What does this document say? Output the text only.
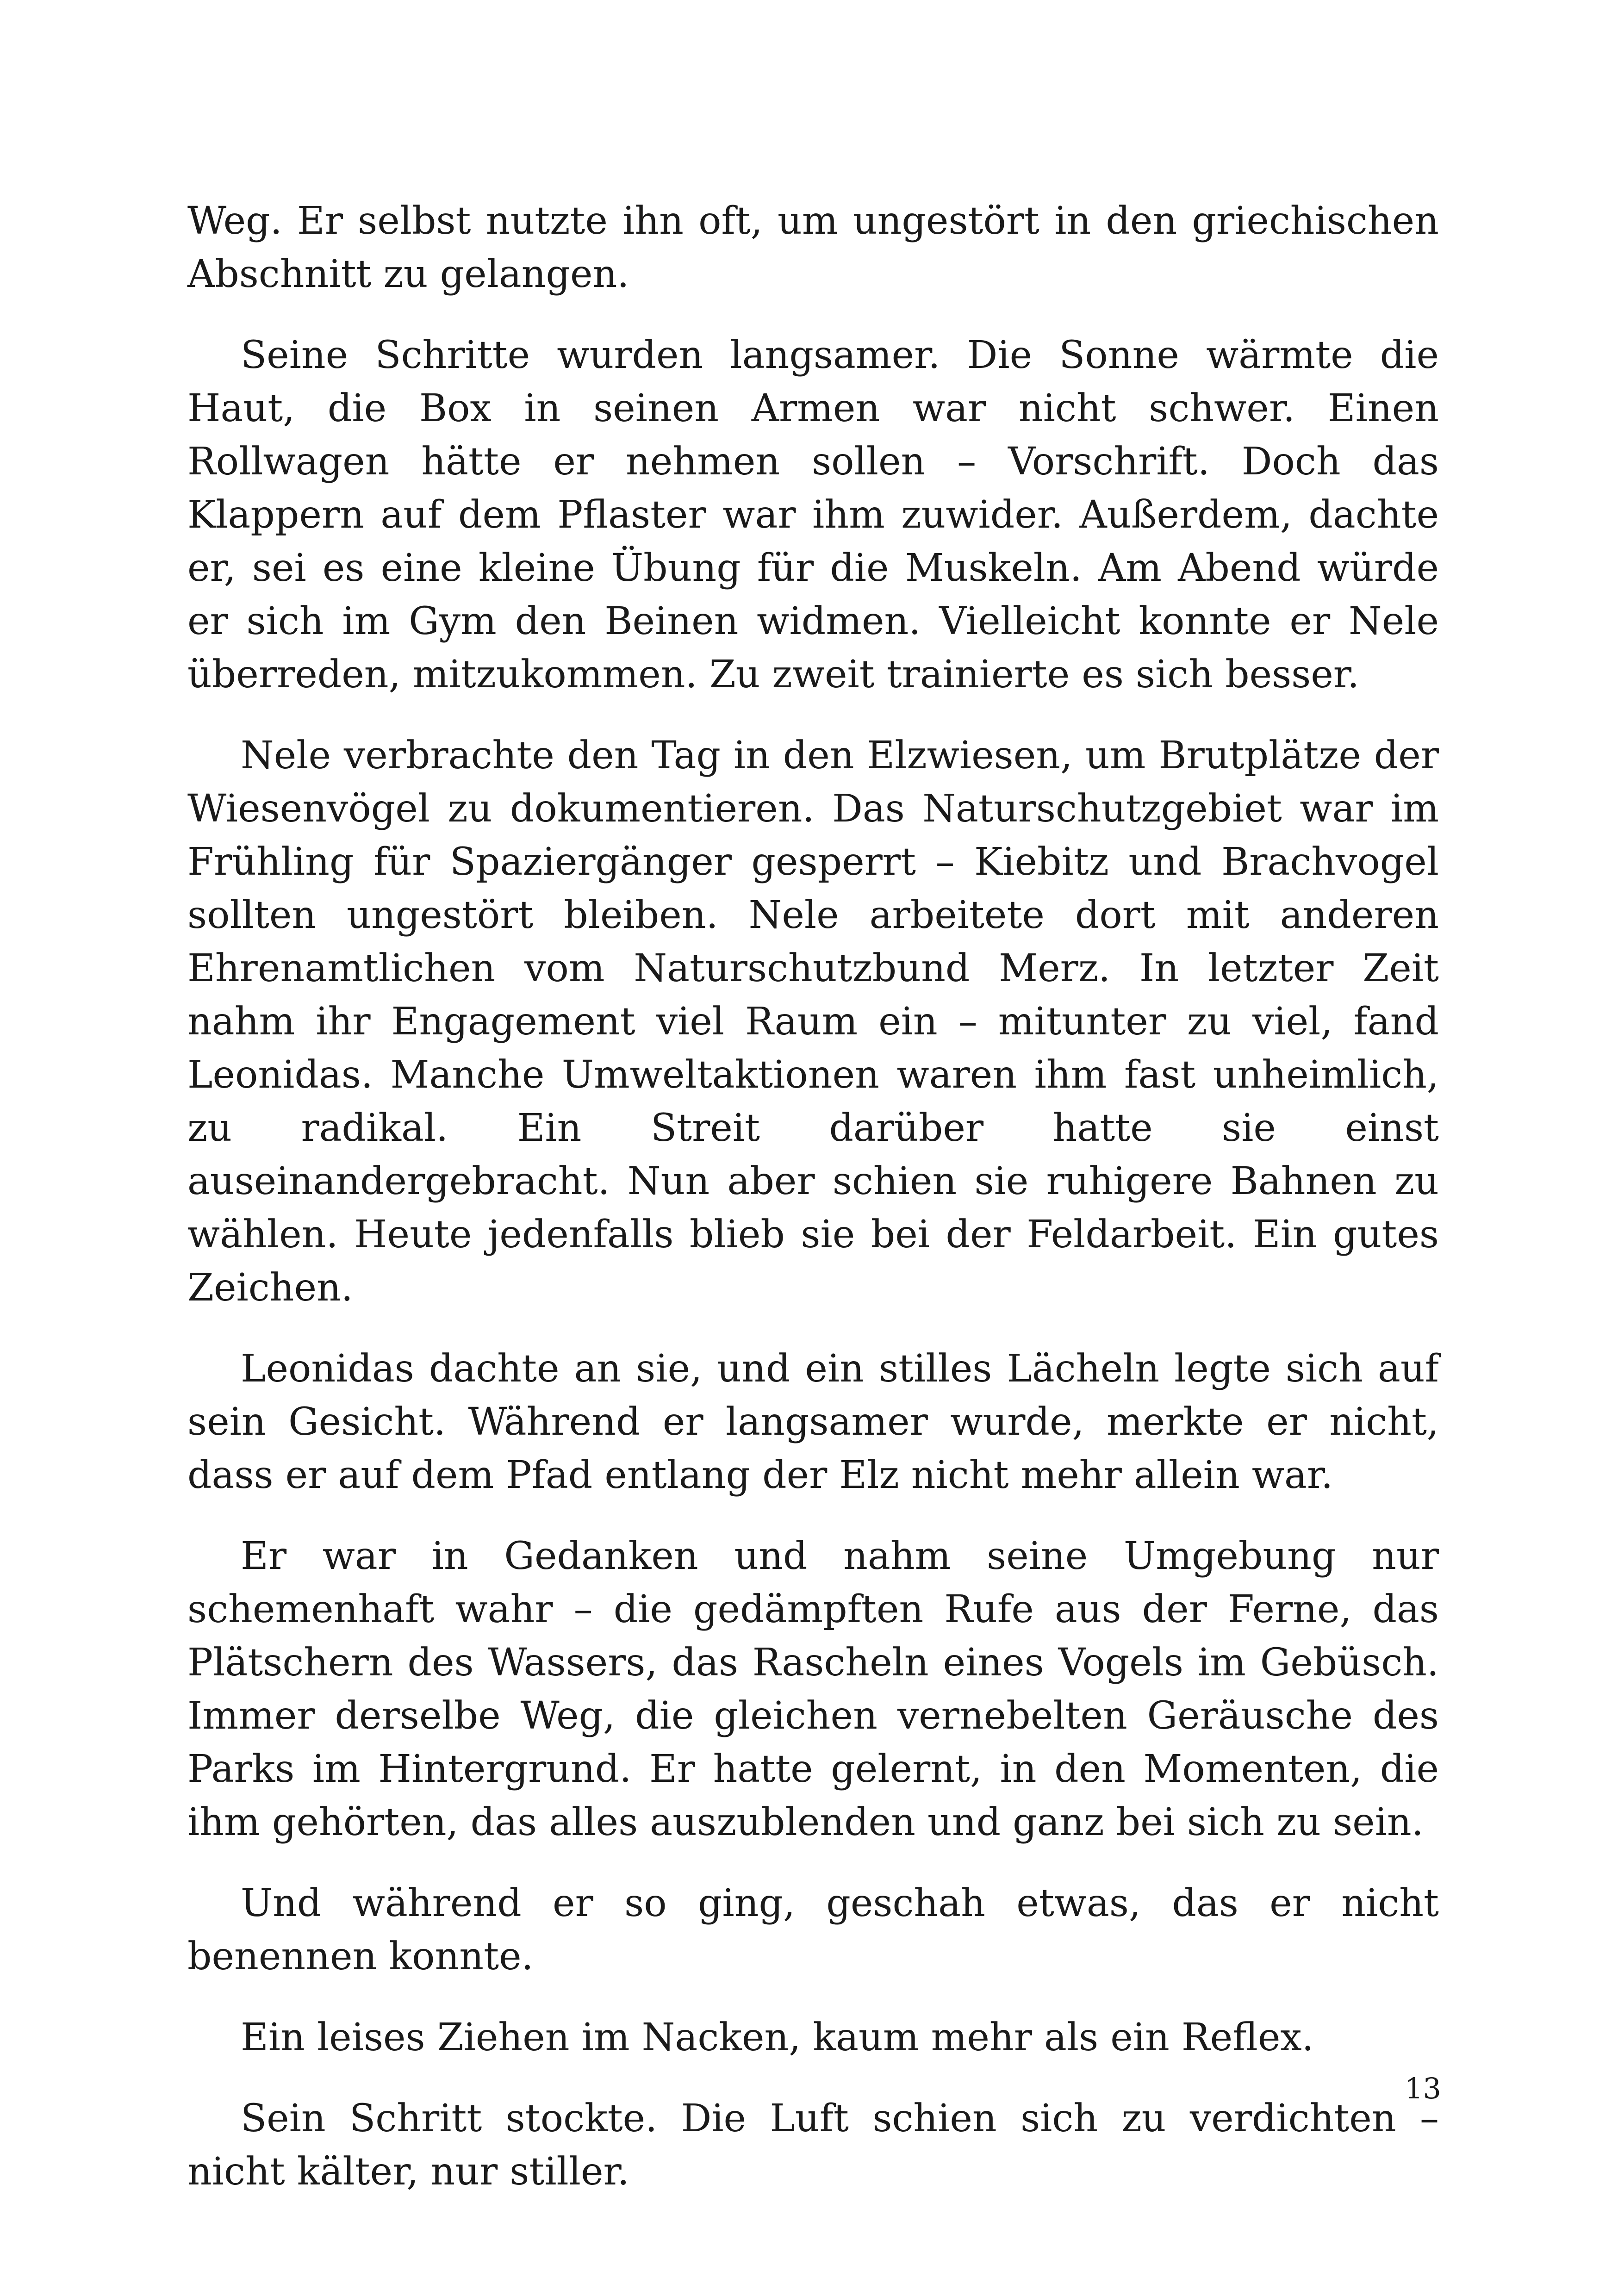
Weg. Er selbst nutzte ihn oft, um ungestört in den griechischen Abschnitt zu gelangen.

Seine Schritte wurden langsamer. Die Sonne wärmte die Haut, die Box in seinen Armen war nicht schwer. Einen Rollwagen hätte er nehmen sollen – Vorschrift. Doch das Klappern auf dem Pflaster war ihm zuwider. Außerdem, dachte er, sei es eine kleine Übung für die Muskeln. Am Abend würde er sich im Gym den Beinen widmen. Vielleicht konnte er Nele überreden, mitzukommen. Zu zweit trainierte es sich besser.

Nele verbrachte den Tag in den Elzwiesen, um Brutplätze der Wiesenvögel zu dokumentieren. Das Naturschutzgebiet war im Frühling für Spaziergänger gesperrt – Kiebitz und Brachvogel sollten ungestört bleiben. Nele arbeitete dort mit anderen Ehrenamtlichen vom Naturschutzbund Merz. In letzter Zeit nahm ihr Engagement viel Raum ein – mitunter zu viel, fand Leonidas. Manche Umweltaktionen waren ihm fast unheimlich, zu radikal. Ein Streit darüber hatte sie einst auseinandergebracht. Nun aber schien sie ruhigere Bahnen zu wählen. Heute jedenfalls blieb sie bei der Feldarbeit. Ein gutes Zeichen.

Leonidas dachte an sie, und ein stilles Lächeln legte sich auf sein Gesicht. Während er langsamer wurde, merkte er nicht, dass er auf dem Pfad entlang der Elz nicht mehr allein war.

Er war in Gedanken und nahm seine Umgebung nur schemenhaft wahr – die gedämpften Rufe aus der Ferne, das Plätschern des Wassers, das Rascheln eines Vogels im Gebüsch. Immer derselbe Weg, die gleichen vernebelten Geräusche des Parks im Hintergrund. Er hatte gelernt, in den Momenten, die ihm gehörten, das alles auszublenden und ganz bei sich zu sein.

Und während er so ging, geschah etwas, das er nicht benennen konnte.

Ein leises Ziehen im Nacken, kaum mehr als ein Reflex.

Sein Schritt stockte. Die Luft schien sich zu verdichten – nicht kälter, nur stiller.

13
